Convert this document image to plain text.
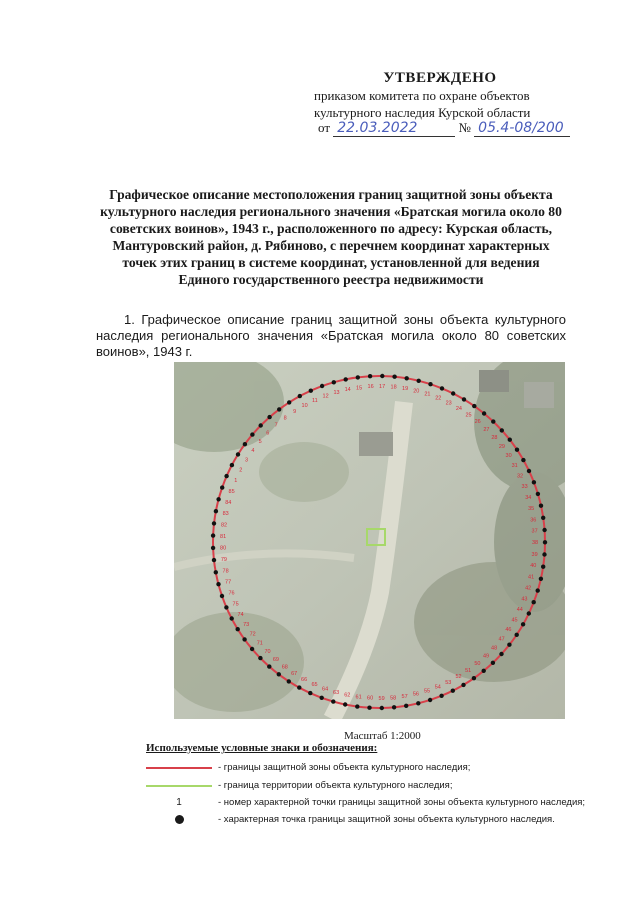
УТВЕРЖДЕНО
приказом комитета по охране объектов
культурного наследия Курской области
от 22.03.2022	№ 05.4-08/200
Графическое описание местоположения границ защитной зоны объекта культурного наследия регионального значения «Братская могила около 80 советских воинов», 1943 г., расположенного по адресу: Курская область, Мантуровский район, д. Рябиново, с перечнем координат характерных точек этих границ в системе координат, установленной для ведения Единого государственного реестра недвижимости
1. Графическое описание границ защитной зоны объекта культурного наследия регионального значения «Братская могила около 80 советских воинов», 1943 г.
17 18 19 20
21
22
23
24
25
26
27
28
29
30
31
32
33
34
35
36
37
38
39
40
41
42
43
44
45
46
47
48
49
50
51
52
53
54
55
56
57
58
59
60
61
62
63
64
65
66
67
68
69
70
71
72
73
74
75
76
77
78
79
80
81
82
83
84
85
1
2
3
4
5
6
7
8
9
10
11
12
13 14 15 16
Масштаб 1:2000
Используемые условные знаки и обозначения:
- границы защитной зоны объекта культурного наследия;
- граница территории объекта культурного наследия;
1	- номер характерной точки границы защитной зоны объекта культурного наследия;
- характерная точка границы защитной зоны объекта культурного наследия.
